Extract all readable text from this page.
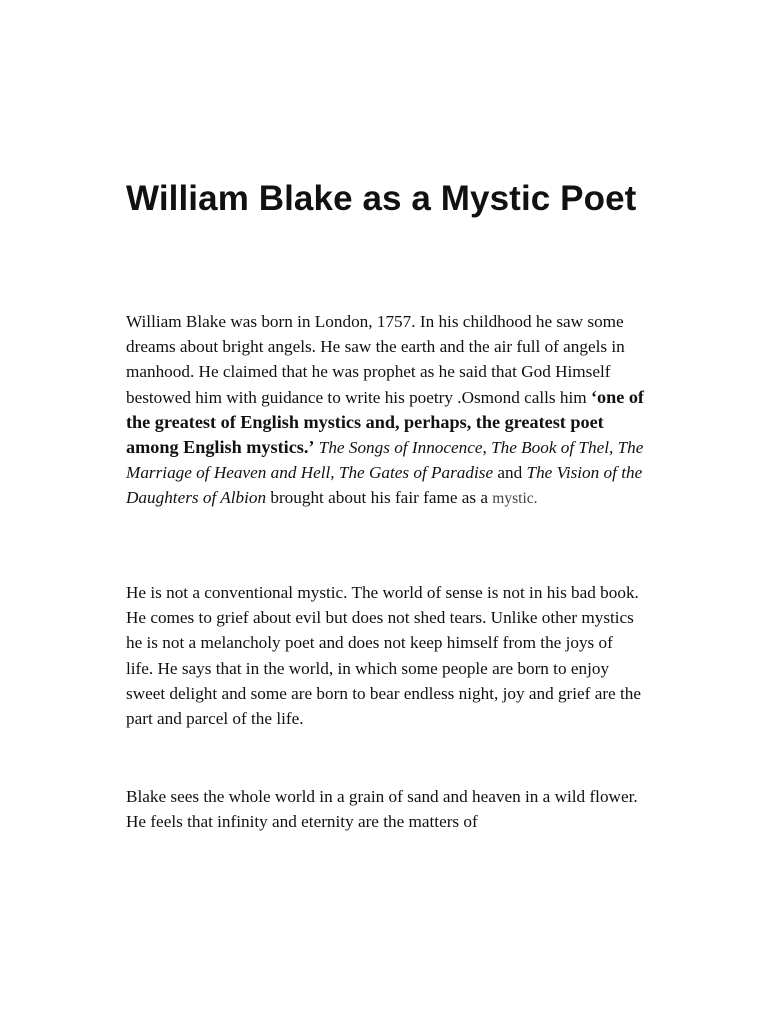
William Blake as a Mystic Poet

William Blake was born in London, 1757. In his childhood he saw some dreams about bright angels. He saw the earth and the air full of angels in manhood. He claimed that he was prophet as he said that God Himself bestowed him with guidance to write his poetry .Osmond calls him ‘one of the greatest of English mystics and, perhaps, the greatest poet among English mystics.’ The Songs of Innocence, The Book of Thel, The Marriage of Heaven and Hell, The Gates of Paradise and The Vision of the Daughters of Albion brought about his fair fame as a mystic.

He is not a conventional mystic. The world of sense is not in his bad book. He comes to grief about evil but does not shed tears. Unlike other mystics he is not a melancholy poet and does not keep himself from the joys of life. He says that in the world, in which some people are born to enjoy sweet delight and some are born to bear endless night, joy and grief are the part and parcel of the life.

Blake sees the whole world in a grain of sand and heaven in a wild flower. He feels that infinity and eternity are the matters of
